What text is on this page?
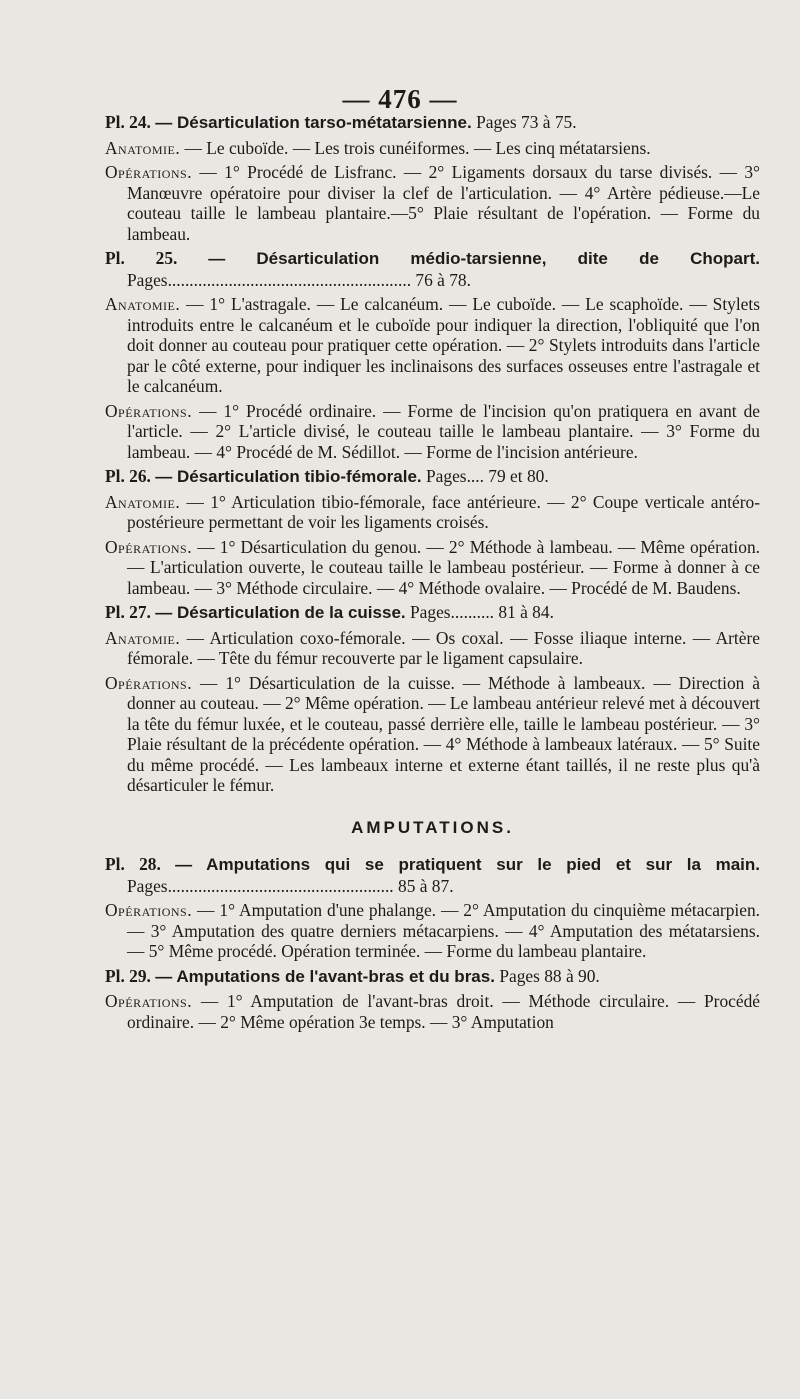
— 476 —
Pl. 24. — Désarticulation tarso-métatarsienne. Pages 73 à 75.
Anatomie. — Le cuboïde. — Les trois cunéiformes. — Les cinq métatarsiens.
Opérations. — 1° Procédé de Lisfranc. — 2° Ligaments dorsaux du tarse divisés. — 3° Manœuvre opératoire pour diviser la clef de l'articulation. — 4° Artère pédieuse.—Le couteau taille le lambeau plantaire.—5° Plaie résultant de l'opération. — Forme du lambeau.
Pl. 25. — Désarticulation médio-tarsienne, dite de Chopart. Pages........................................................ 76 à 78.
Anatomie. — 1° L'astragale. — Le calcanéum. — Le cuboïde. — Le scaphoïde. — Stylets introduits entre le calcanéum et le cuboïde pour indiquer la direction, l'obliquité que l'on doit donner au couteau pour pratiquer cette opération. — 2° Stylets introduits dans l'article par le côté externe, pour indiquer les inclinaisons des surfaces osseuses entre l'astragale et le calcanéum.
Opérations. — 1° Procédé ordinaire. — Forme de l'incision qu'on pratiquera en avant de l'article. — 2° L'article divisé, le couteau taille le lambeau plantaire. — 3° Forme du lambeau. — 4° Procédé de M. Sédillot. — Forme de l'incision antérieure.
Pl. 26. — Désarticulation tibio-fémorale. Pages.... 79 et 80.
Anatomie. — 1° Articulation tibio-fémorale, face antérieure. — 2° Coupe verticale antéro-postérieure permettant de voir les ligaments croisés.
Opérations. — 1° Désarticulation du genou. — 2° Méthode à lambeau. — Même opération. — L'articulation ouverte, le couteau taille le lambeau postérieur. — Forme à donner à ce lambeau. — 3° Méthode circulaire. — 4° Méthode ovalaire. — Procédé de M. Baudens.
Pl. 27. — Désarticulation de la cuisse. Pages.......... 81 à 84.
Anatomie. — Articulation coxo-fémorale. — Os coxal. — Fosse iliaque interne. — Artère fémorale. — Tête du fémur recouverte par le ligament capsulaire.
Opérations. — 1° Désarticulation de la cuisse. — Méthode à lambeaux. — Direction à donner au couteau. — 2° Même opération. — Le lambeau antérieur relevé met à découvert la tête du fémur luxée, et le couteau, passé derrière elle, taille le lambeau postérieur. — 3° Plaie résultant de la précédente opération. — 4° Méthode à lambeaux latéraux. — 5° Suite du même procédé. — Les lambeaux interne et externe étant taillés, il ne reste plus qu'à désarticuler le fémur.
AMPUTATIONS.
Pl. 28. — Amputations qui se pratiquent sur le pied et sur la main. Pages.................................................... 85 à 87.
Opérations. — 1° Amputation d'une phalange. — 2° Amputation du cinquième métacarpien. — 3° Amputation des quatre derniers métacarpiens. — 4° Amputation des métatarsiens. — 5° Même procédé. Opération terminée. — Forme du lambeau plantaire.
Pl. 29. — Amputations de l'avant-bras et du bras. Pages 88 à 90.
Opérations. — 1° Amputation de l'avant-bras droit. — Méthode circulaire. — Procédé ordinaire. — 2° Même opération 3e temps. — 3° Amputation
